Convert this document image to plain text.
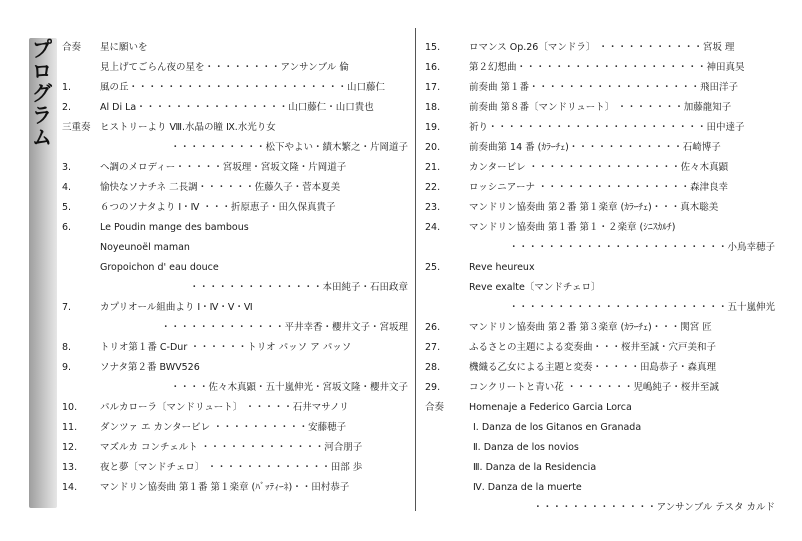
プログラム 合奏	星に願いを
見上げてごらん夜の星を・・・・・・・・アンサンブル 倫
1.	風の丘・・・・・・・・・・・・・・・・・・・・・・・山口藤仁
2.	Al Di La・・・・・・・・・・・・・・・・山口藤仁・山口貴也
三重奏 ヒストリーより Ⅷ.水晶の瞳 Ⅸ.水光り女
・・・・・・・・・・松下やよい・績木繁之・片岡道子
3.	ヘ調のメロディー・・・・・宮坂理・宮坂文隆・片岡道子
4.	愉快なソナチネ 二長調・・・・・・佐藤久子・菅本夏美
5.	６つのソナタより Ⅰ・Ⅳ ・・・折原恵子・田久保真貴子
6.	Le Poudin mange des bambous
Noyeunoël maman
Gropoichon d' eau douce
・・・・・・・・・・・・・・本田純子・石田政章
7.	カプリオール組曲より Ⅰ・Ⅳ・Ⅴ・Ⅵ
・・・・・・・・・・・・・平井幸香・櫻井文子・宮坂理
8.	トリオ第１番 C-Dur ・・・・・・トリオ パッソ ア パッソ
9.	ソナタ第２番 BWV526
・・・・佐々木真顕・五十嵐伸光・宮坂文隆・櫻井文子
10.	パルカローラ〔マンドリュート〕 ・・・・・石井マサノリ
11.	ダンツァ エ カンタービレ ・・・・・・・・・・安藤穂子
12.	マズルカ コンチェルト ・・・・・・・・・・・・・河合朋子
13.	夜と夢〔マンドチェロ〕 ・・・・・・・・・・・・・田部 歩
14.	マンドリン協奏曲 第１番 第１楽章 (ﾊﾞｯﾃｨｰﾈ)・・田村恭子
15.	ロマンス Op.26〔マンドラ〕 ・・・・・・・・・・・宮坂 理
16.	第２幻想曲・・・・・・・・・・・・・・・・・・・・神田真昊
17.	前奏曲 第１番・・・・・・・・・・・・・・・・・・飛田洋子
18.	前奏曲 第８番〔マンドリュート〕 ・・・・・・・加藤龍知子
19.	祈り・・・・・・・・・・・・・・・・・・・・・・・田中達子
20.	前奏曲第 14 番 (ｶﾗｰﾁｪ)・・・・・・・・・・・・石崎博子
21.	カンタービレ ・・・・・・・・・・・・・・・・佐々木真顕
22.	ロッシニアーナ ・・・・・・・・・・・・・・・・森津良幸
23.	マンドリン協奏曲 第２番 第１楽章 (ｶﾗｰﾁｪ)・・・真木聡美
24.	マンドリン協奏曲 第１番 第１・２楽章 (ｼﾆｽｶﾙﾁ)
・・・・・・・・・・・・・・・・・・・・・・・小鳥幸穂子
25.	Reve heureux
Reve exalte〔マンドチェロ〕
・・・・・・・・・・・・・・・・・・・・・・・五十嵐伸光
26.	マンドリン協奏曲 第２番 第３楽章 (ｶﾗｰﾁｪ)・・・関宮 匠
27.	ふるさとの主題による変奏曲・・・桜井至誠・穴戸美和子
28.	機織る乙女による主題と変奏・・・・・田島恭子・森真理
29.	コンクリートと青い花 ・・・・・・・児嶋純子・桜井至誠
合奏	Homenaje a Federico Garcia Lorca
Ⅰ. Danza de los Gitanos en Granada
Ⅱ. Danza de los novios
Ⅲ. Danza de la Residencia
Ⅳ. Danza de la muerte
・・・・・・・・・・・・・アンサンブル テスタ カルド
